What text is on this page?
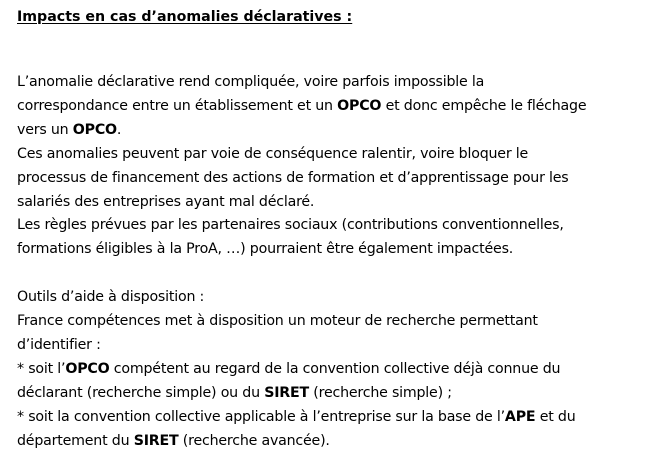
Impacts en cas d’anomalies déclaratives :

L’anomalie déclarative rend compliquée, voire parfois impossible la
correspondance entre un établissement et un OPCO et donc empêche le fléchage
vers un OPCO.
Ces anomalies peuvent par voie de conséquence ralentir, voire bloquer le
processus de financement des actions de formation et d’apprentissage pour les
salariés des entreprises ayant mal déclaré.
Les règles prévues par les partenaires sociaux (contributions conventionnelles,
formations éligibles à la ProA, …) pourraient être également impactées.
Outils d’aide à disposition :
France compétences met à disposition un moteur de recherche permettant
d’identifier :
* soit l’OPCO compétent au regard de la convention collective déjà connue du
déclarant (recherche simple) ou du SIRET (recherche simple) ;
* soit la convention collective applicable à l’entreprise sur la base de l’APE et du
département du SIRET (recherche avancée).
